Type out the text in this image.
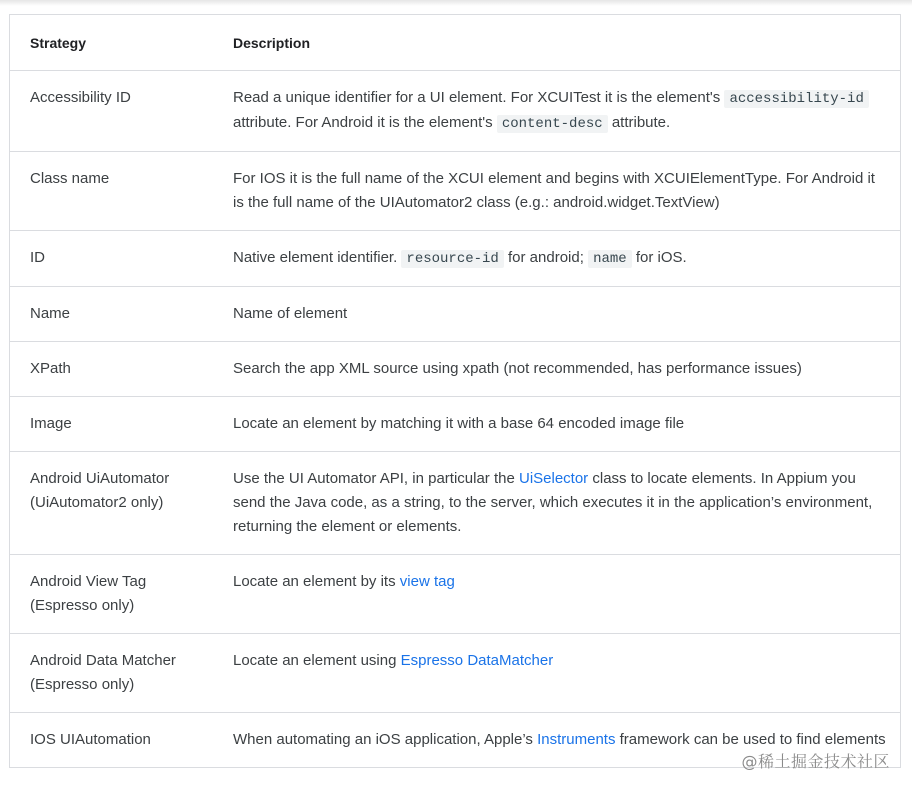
Strategy	Description
Accessibility ID	Read a unique identifier for a UI element. For XCUITest it is the element's accessibility-id attribute. For Android it is the element's content-desc attribute.
Class name	For IOS it is the full name of the XCUI element and begins with XCUIElementType. For Android it is the full name of the UIAutomator2 class (e.g.: android.widget.TextView)
ID	Native element identifier. resource-id for android; name for iOS.
Name	Name of element
XPath	Search the app XML source using xpath (not recommended, has performance issues)
Image	Locate an element by matching it with a base 64 encoded image file
Android UiAutomator (UiAutomator2 only)	Use the UI Automator API, in particular the UiSelector class to locate elements. In Appium you send the Java code, as a string, to the server, which executes it in the application’s environment, returning the element or elements.
Android View Tag (Espresso only)	Locate an element by its view tag
Android Data Matcher (Espresso only)	Locate an element using Espresso DataMatcher
IOS UIAutomation	When automating an iOS application, Apple’s Instruments framework can be used to find elements
@稀土掘金技术社区
